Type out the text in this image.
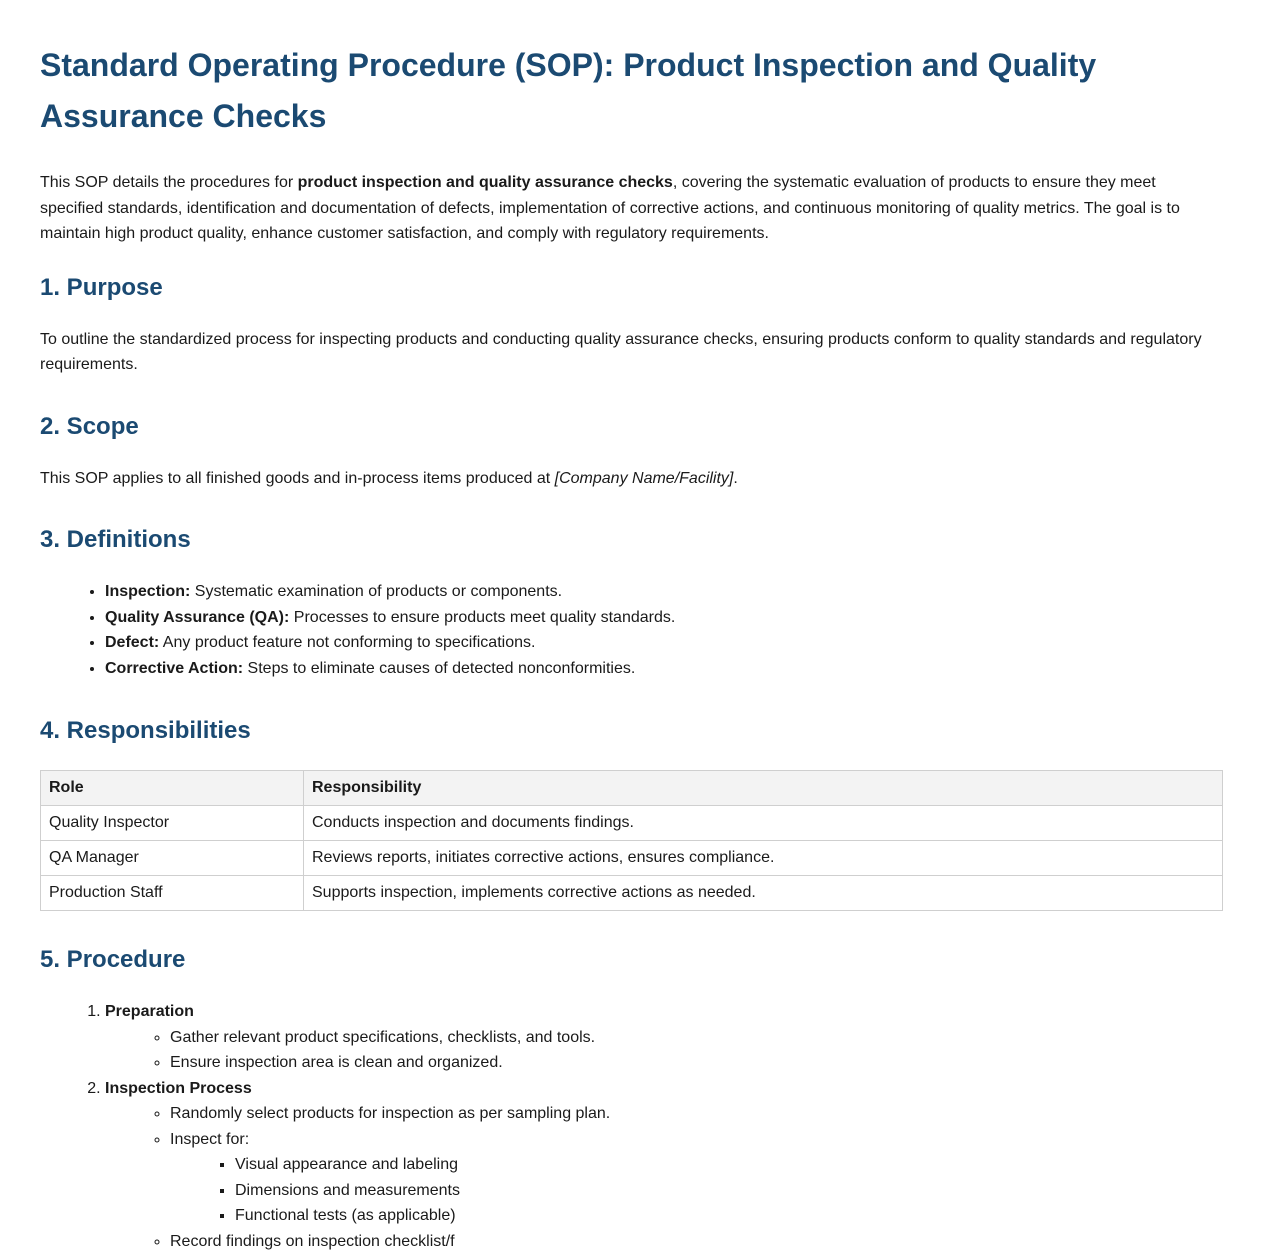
Standard Operating Procedure (SOP): Product Inspection and Quality Assurance Checks

This SOP details the procedures for product inspection and quality assurance checks, covering the systematic evaluation of products to ensure they meet specified standards, identification and documentation of defects, implementation of corrective actions, and continuous monitoring of quality metrics. The goal is to maintain high product quality, enhance customer satisfaction, and comply with regulatory requirements.

1. Purpose

To outline the standardized process for inspecting products and conducting quality assurance checks, ensuring products conform to quality standards and regulatory requirements.

2. Scope

This SOP applies to all finished goods and in-process items produced at [Company Name/Facility].

3. Definitions
• Inspection: Systematic examination of products or components.
• Quality Assurance (QA): Processes to ensure products meet quality standards.
• Defect: Any product feature not conforming to specifications.
• Corrective Action: Steps to eliminate causes of detected nonconformities.
4. Responsibilities
Role	Responsibility
Quality Inspector	Conducts inspection and documents findings.
QA Manager	Reviews reports, initiates corrective actions, ensures compliance.
Production Staff	Supports inspection, implements corrective actions as needed.
5. Procedure
1. Preparation
◦ Gather relevant product specifications, checklists, and tools.
◦ Ensure inspection area is clean and organized.
2. Inspection Process
◦ Randomly select products for inspection as per sampling plan.
◦ Inspect for:
▪ Visual appearance and labeling
▪ Dimensions and measurements
▪ Functional tests (as applicable)
◦ Record findings on inspection checklist/f
